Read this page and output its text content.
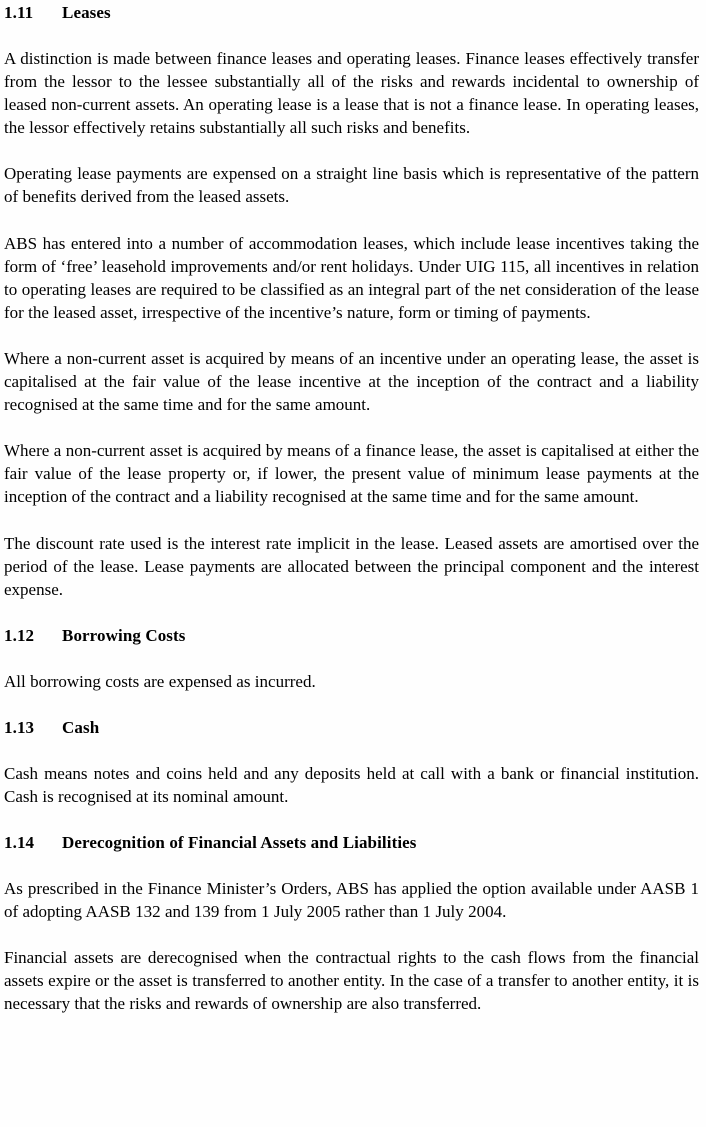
1.11 Leases

A distinction is made between finance leases and operating leases. Finance leases effectively transfer from the lessor to the lessee substantially all of the risks and rewards incidental to ownership of leased non-current assets. An operating lease is a lease that is not a finance lease. In operating leases, the lessor effectively retains substantially all such risks and benefits.

Operating lease payments are expensed on a straight line basis which is representative of the pattern of benefits derived from the leased assets.

ABS has entered into a number of accommodation leases, which include lease incentives taking the form of ‘free’ leasehold improvements and/or rent holidays. Under UIG 115, all incentives in relation to operating leases are required to be classified as an integral part of the net consideration of the lease for the leased asset, irrespective of the incentive’s nature, form or timing of payments.

Where a non-current asset is acquired by means of an incentive under an operating lease, the asset is capitalised at the fair value of the lease incentive at the inception of the contract and a liability recognised at the same time and for the same amount.

Where a non-current asset is acquired by means of a finance lease, the asset is capitalised at either the fair value of the lease property or, if lower, the present value of minimum lease payments at the inception of the contract and a liability recognised at the same time and for the same amount.

The discount rate used is the interest rate implicit in the lease. Leased assets are amortised over the period of the lease. Lease payments are allocated between the principal component and the interest expense.

1.12 Borrowing Costs

All borrowing costs are expensed as incurred.

1.13 Cash

Cash means notes and coins held and any deposits held at call with a bank or financial institution. Cash is recognised at its nominal amount.

1.14 Derecognition of Financial Assets and Liabilities

As prescribed in the Finance Minister’s Orders, ABS has applied the option available under AASB 1 of adopting AASB 132 and 139 from 1 July 2005 rather than 1 July 2004.

Financial assets are derecognised when the contractual rights to the cash flows from the financial assets expire or the asset is transferred to another entity. In the case of a transfer to another entity, it is necessary that the risks and rewards of ownership are also transferred.
